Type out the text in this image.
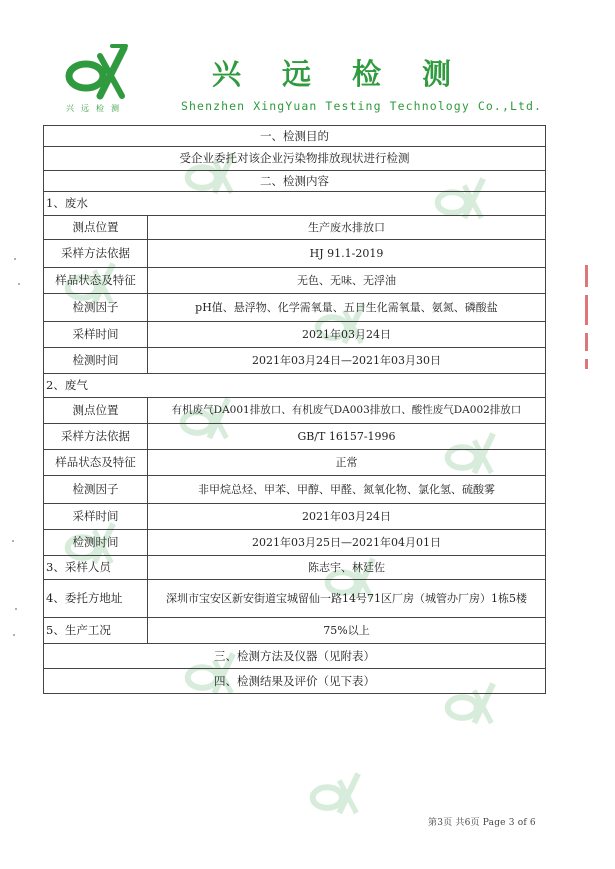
兴远检测
兴远检测
Shenzhen XingYuan Testing Technology Co.,Ltd.
一、检测目的	
受企业委托对该企业污染物排放现状进行检测	
二、检测内容	
1、废水	
测点位置	生产废水排放口
采样方法依据	HJ 91.1-2019
样品状态及特征	无色、无味、无浮油
检测因子	pH值、悬浮物、化学需氧量、五日生化需氧量、氨氮、磷酸盐
采样时间	2021年03月24日
检测时间	2021年03月24日—2021年03月30日
2、废气	
测点位置	有机废气DA001排放口、有机废气DA003排放口、酸性废气DA002排放口
采样方法依据	GB/T 16157-1996
样品状态及特征	正常
检测因子	非甲烷总烃、甲苯、甲醇、甲醛、氮氧化物、氯化氢、硫酸雾
采样时间	2021年03月24日
检测时间	2021年03月25日—2021年04月01日
3、采样人员	陈志宇、林廷佐
4、委托方地址	深圳市宝安区新安街道宝城留仙一路14号71区厂房（城管办厂房）1栋5楼
5、生产工况	75%以上
三、检测方法及仪器（见附表）	
四、检测结果及评价（见下表）	
第3页 共6页 Page 3 of 6
